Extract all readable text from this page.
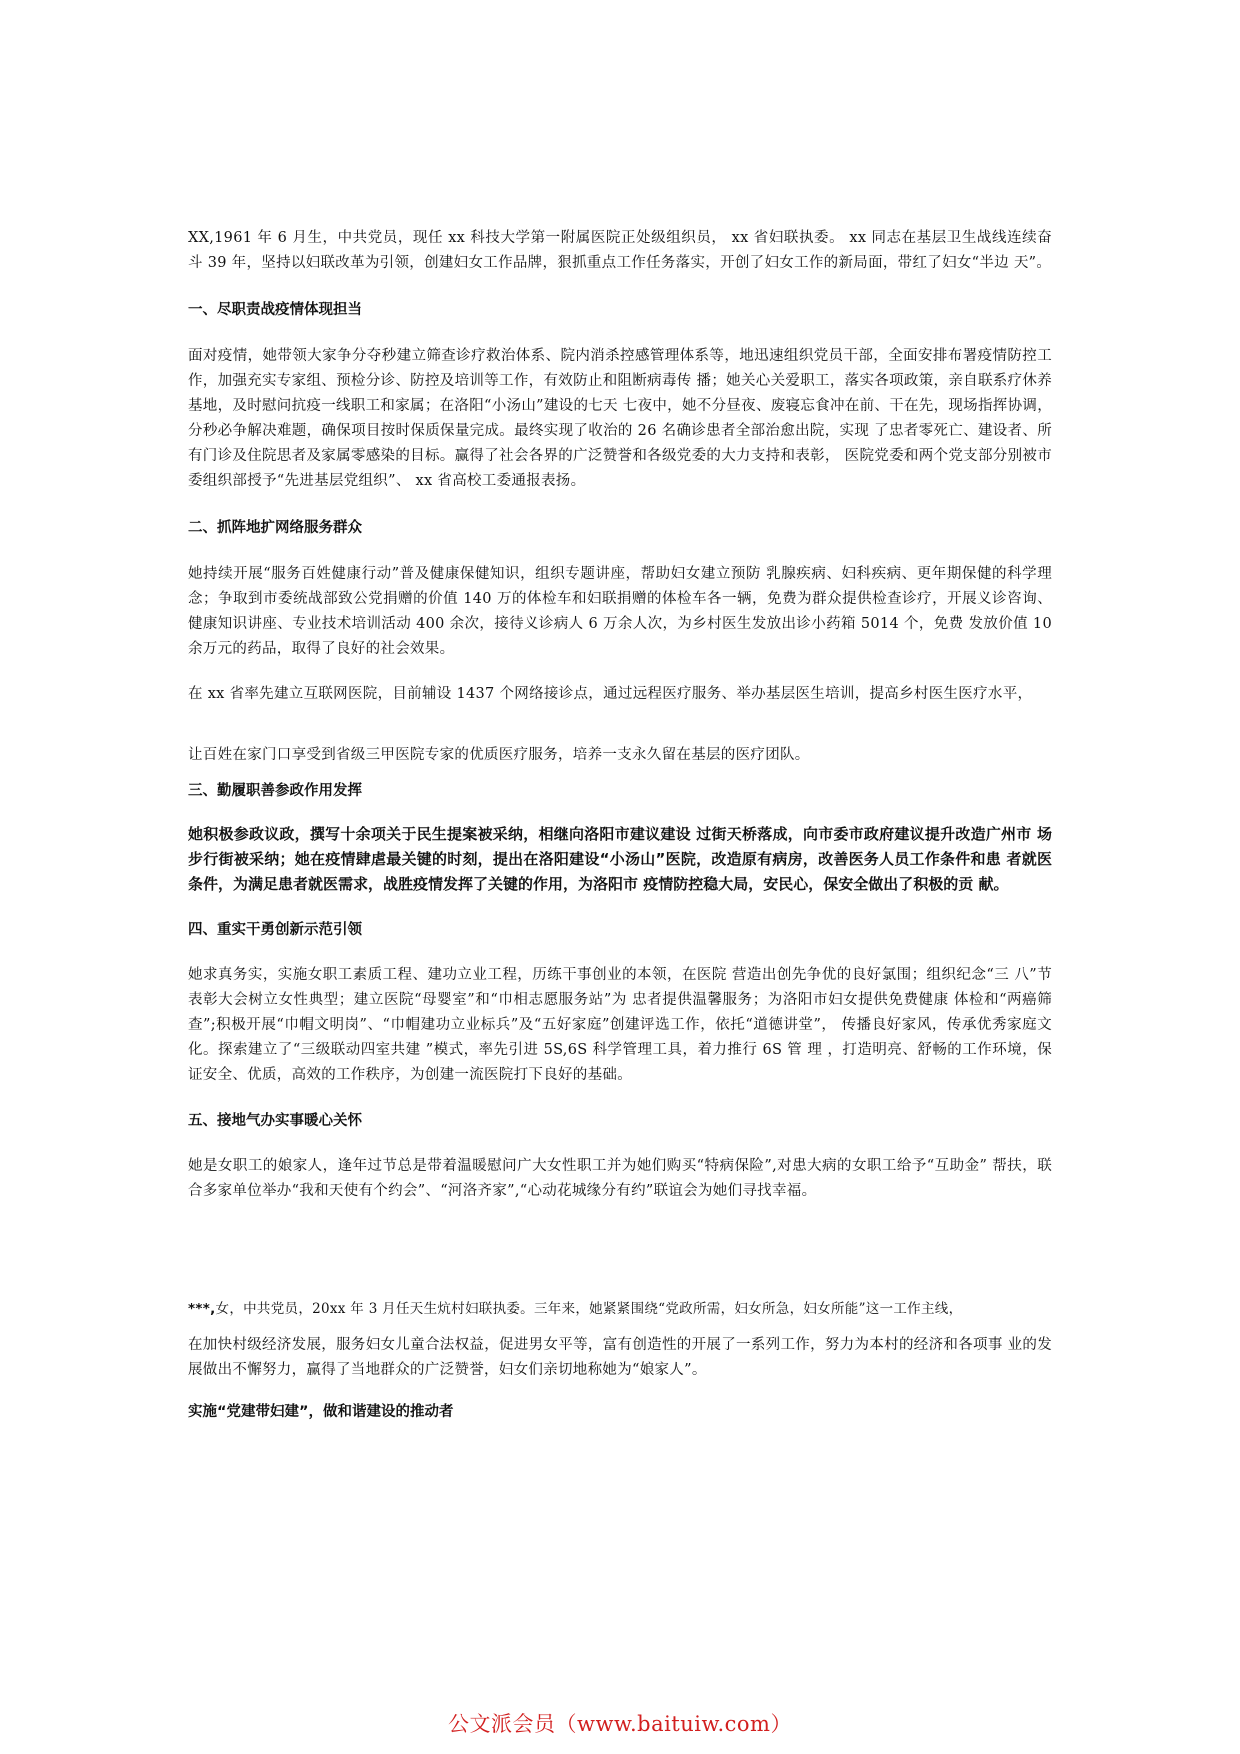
XX,1961 年 6 月生，中共党员，现任 xx 科技大学第一附属医院正处级组织员， xx 省妇联执委。 xx 同志在基层卫生战线连续奋 斗 39 年，坚持以妇联改革为引领，创建妇女工作品牌，狠抓重点工作任务落实，开创了妇女工作的新局面，带红了妇女“半边 天”。

一、尽职责战疫情体现担当

面对疫情，她带领大家争分夺秒建立筛查诊疗救治体系、院内消杀控感管理体系等，地迅速组织党员干部，全面安排布署疫情防控工作，加强充实专家组、预检分诊、防控及培训等工作，有效防止和阻断病毒传 播；她关心关爱职工，落实各项政策，亲自联系疗休养基地，及时慰问抗疫一线职工和家属；在洛阳“小汤山”建设的七天 七夜中，她不分昼夜、废寝忘食冲在前、干在先，现场指挥协调，分秒必争解决难题，确保项目按时保质保量完成。最终实现了收治的 26 名确诊患者全部治愈出院，实现 了忠者零死亡、建设者、所有门诊及住院思者及家属零感染的目标。赢得了社会各界的广泛赞誉和各级党委的大力支持和表彰， 医院党委和两个党支部分别被市委组织部授予“先进基层党组织”、 xx 省高校工委通报表扬。

二、抓阵地扩网络服务群众

她持续开展“服务百姓健康行动”普及健康保健知识，组织专题讲座，帮助妇女建立预防 乳腺疾病、妇科疾病、更年期保健的科学理念；争取到市委统战部致公党捐赠的价值 140 万的体检车和妇联捐赠的体检车各一辆，免费为群众提供检查诊疗，开展义诊咨询、健康知识讲座、专业技术培训活动 400 余次，接待义诊病人 6 万余人次，为乡村医生发放出诊小药箱 5014 个，免费 发放价值 10 余万元的药品，取得了良好的社会效果。

在 xx 省率先建立互联网医院，目前辅设 1437 个网络接诊点，通过远程医疗服务、举办基层医生培训，提高乡村医生医疗水平，

让百姓在家门口享受到省级三甲医院专家的优质医疗服务，培养一支永久留在基层的医疗团队。

三、勤履职善参政作用发挥

她积极参政议政，撰写十余项关于民生提案被采纳，相继向洛阳市建议建设 过街天桥落成，向市委市政府建议提升改造广州市 场步行街被采纳；她在疫情肆虐最关键的时刻，提出在洛阳建设“小汤山”医院，改造原有病房，改善医务人员工作条件和患 者就医条件，为满足患者就医需求，战胜疫情发挥了关键的作用，为洛阳市 疫情防控稳大局，安民心，保安全做出了积极的贡 献。

四、重实干勇创新示范引领

她求真务实，实施女职工素质工程、建功立业工程，历练干事创业的本领，在医院 营造出创先争优的良好氯围；组织纪念“三 八”节表彰大会树立女性典型；建立医院“母婴室”和“巾相志愿服务站”为 忠者提供温馨服务；为洛阳市妇女提供免费健康 体检和“两癌筛查”;积极开展“巾帽文明岗”、“巾帽建功立业标兵”及“五好家庭”创建评选工作，依托“道德讲堂”， 传播良好家风，传承优秀家庭文化。探索建立了“三级联动四室共建 ”模式，率先引进 5S,6S 科学管理工具，着力推行 6S 管 理 ，打造明亮、舒畅的工作环境，保证安全、优质，高效的工作秩序，为创建一流医院打下良好的基础。

五、接地气办实事暖心关怀

她是女职工的娘家人，逢年过节总是带着温暖慰问广大女性职工并为她们购买“特病保险”,对患大病的女职工给予“互助金” 帮扶，联合多家单位举办“我和天使有个约会”、“河洛齐家”,“心动花城缘分有约”联谊会为她们寻找幸福。

***,女，中共党员，20xx 年 3 月任天生炕村妇联执委。三年来，她紧紧围绕“党政所需，妇女所急，妇女所能”这一工作主线，

在加快村级经济发展，服务妇女儿童合法权益，促进男女平等，富有创造性的开展了一系列工作，努力为本村的经济和各项事 业的发展做出不懈努力，赢得了当地群众的广泛赞誉，妇女们亲切地称她为“娘家人”。

实施“党建带妇建”，做和谐建设的推动者
公文派会员（www.baituiw.com）
